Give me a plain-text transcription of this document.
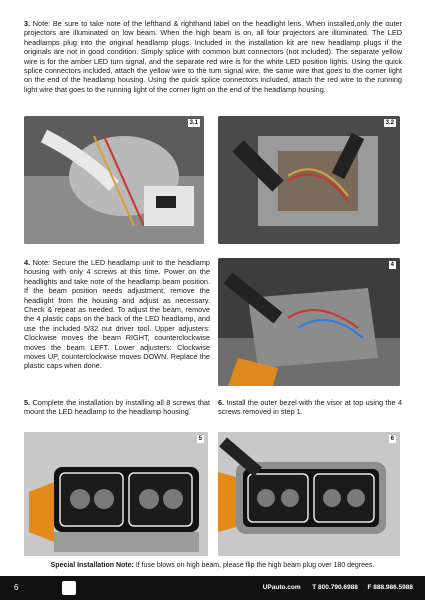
3. Note: Be sure to take note of the lefthand & righthand label on the headlight lens. When installed,only the outer projectors are illuminated on low beam. When the high beam is on, all four projectors are illuminated. The LED headlamps plug into the original headlamp plugs. Included in the installation kit are new headlamp plugs if the originals are not in good condition. Simply splice with common butt connectors (not included). The separate yellow wire is for the amber LED turn signal, and the separate red wire is for the white LED position lights. Using the quick splice connectors included, attach the yellow wire to the turn signal wire, the same wire that goes to the corner light on the end of the headlamp housing. Using the quick splice connectors included, attach the red wire to the running light wire that goes to the running light of the corner light on the end of the headlamp housing.
3.1	3.2
4. Note: Secure the LED headlamp unit to the headlamp housing with only 4 screws at this time. Power on the headlights and take note of the headlamp beam position. If the beam position needs adjustment, remove the headlight from the housing and adjust as necessary. Check & repeat as needed. To adjust the beam, remove the 4 plastic caps on the back of the LED headlamp, and use the included 5/32 nut driver tool. Upper adjusters: Clockwise moves the beam RIGHT, counterclockwise moves the beam LEFT. Lower adjusters: Clockwise moves UP, counterclockwise moves DOWN. Replace the plastic caps when done.
4
5. Complete the installation by installing all 8 screws that mount the LED headlamp to the headlamp housing.
6. Install the outer bezel with the visor at top using the 4 screws removed in step 1.
5	6
Special Installation Note: If fuse blows on high beam, please flip the high beam plug over 180 degrees.
6	UPauto.com T 800.790.6988 F 888.986.5988
